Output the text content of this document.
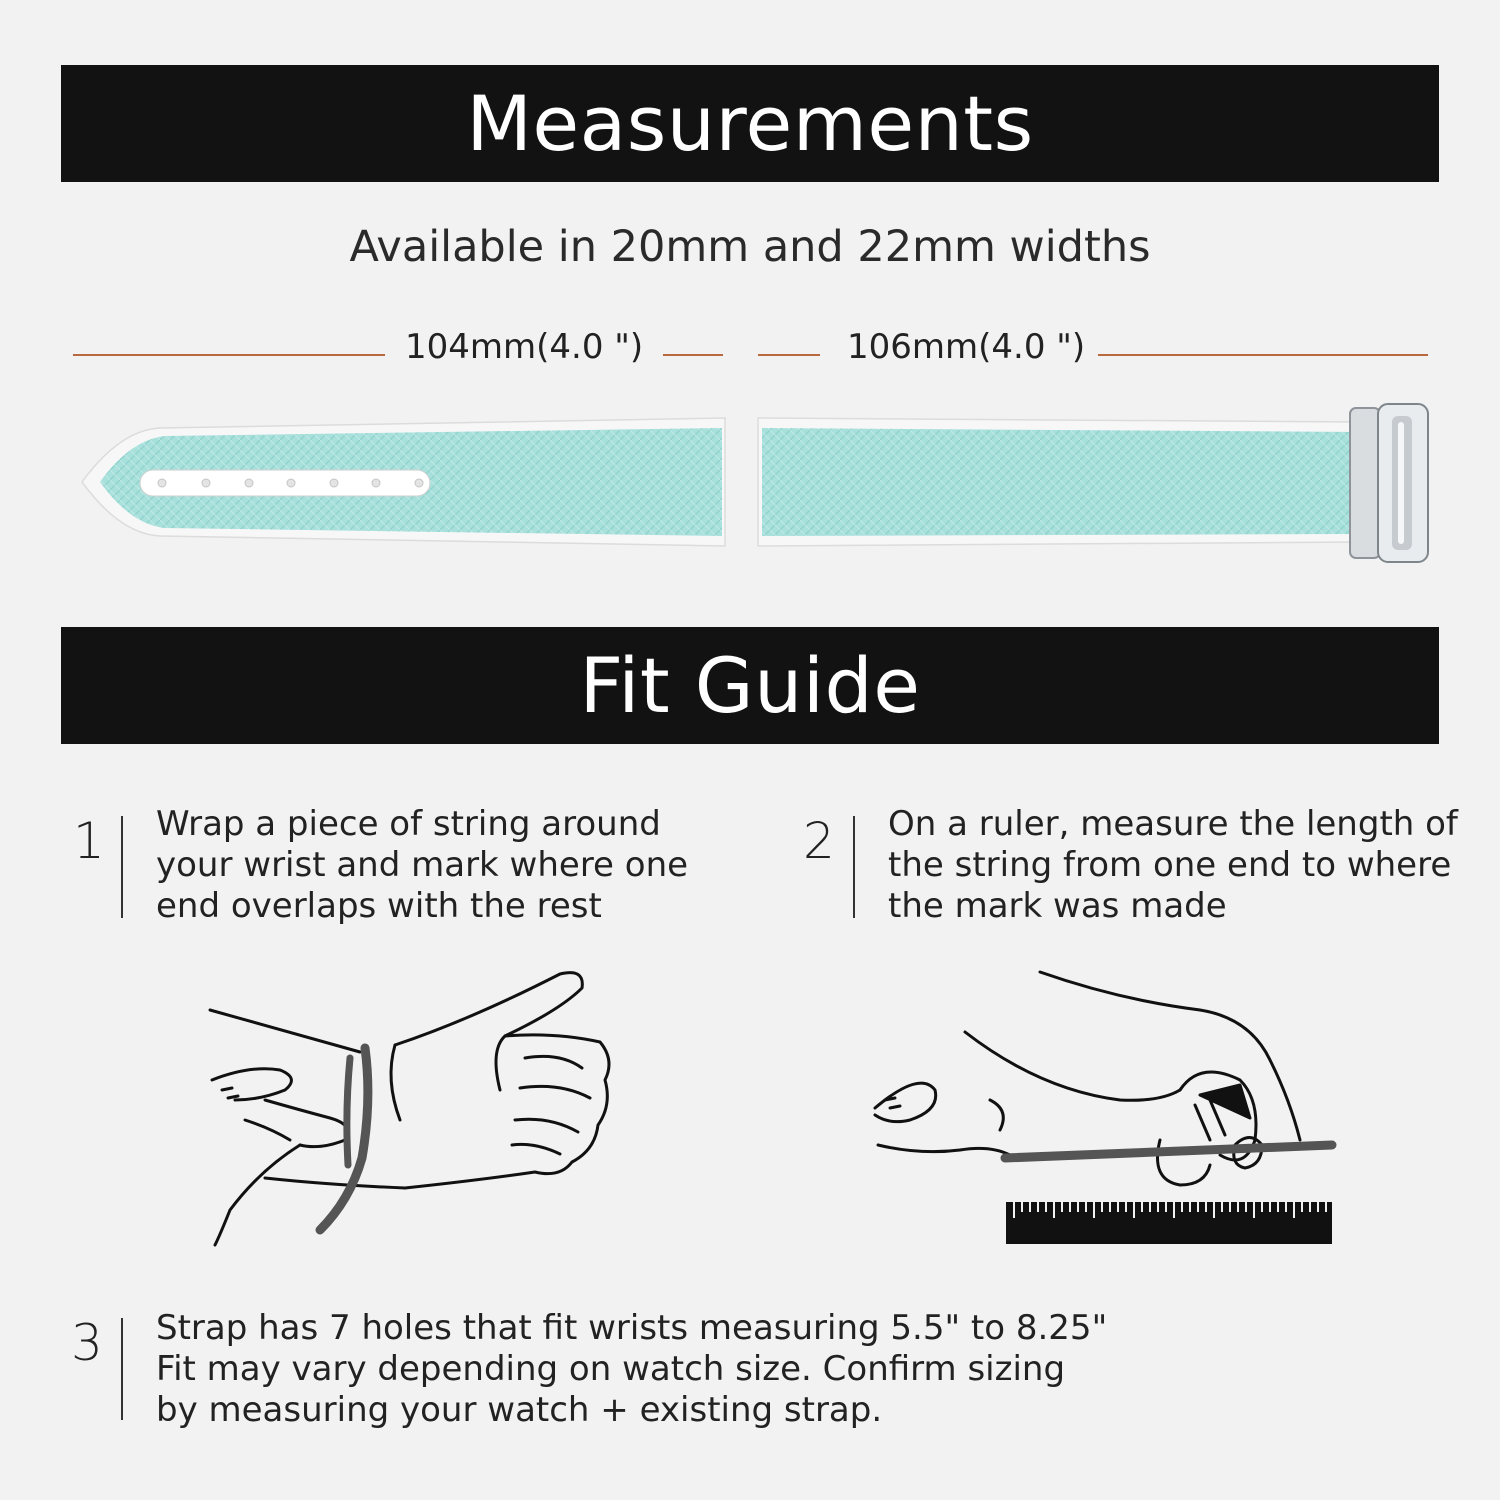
Measurements
Available in 20mm and 22mm widths
104mm(4.0 ")	106mm(4.0 ")
Fit Guide
1 Wrap a piece of string around
your wrist and mark where one
end overlaps with the rest
2 On a ruler, measure the length of
the string from one end to where
the mark was made
3 Strap has 7 holes that fit wrists measuring 5.5" to 8.25"
Fit may vary depending on watch size. Confirm sizing
by measuring your watch + existing strap.
